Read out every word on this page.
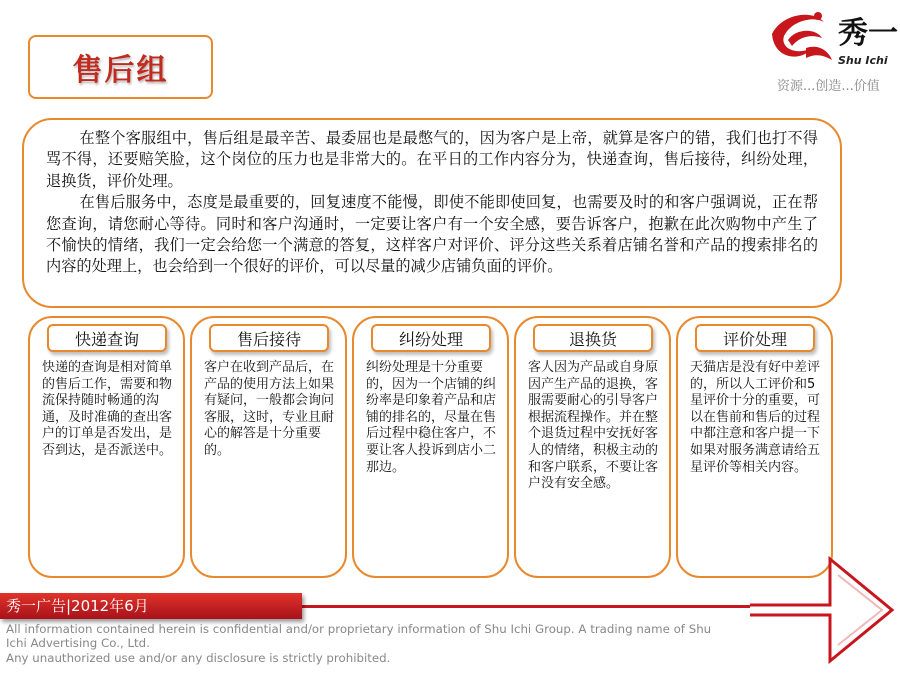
售后组
秀一
Shu Ichi
资源...创造...价值

在整个客服组中，售后组是最辛苦、最委屈也是最憋气的，因为客户是上帝，就算是客户的错，我们也打不得骂不得，还要赔笑脸，这个岗位的压力也是非常大的。在平日的工作内容分为，快递查询，售后接待，纠纷处理，退换货，评价处理。

在售后服务中，态度是最重要的，回复速度不能慢，即使不能即使回复，也需要及时的和客户强调说，正在帮您查询，请您耐心等待。同时和客户沟通时，一定要让客户有一个安全感，要告诉客户，抱歉在此次购物中产生了不愉快的情绪，我们一定会给您一个满意的答复，这样客户对评价、评分这些关系着店铺名誉和产品的搜索排名的内容的处理上，也会给到一个很好的评价，可以尽量的减少店铺负面的评价。

快递查询
快递的查询是相对简单的售后工作，需要和物流保持随时畅通的沟通，及时准确的查出客户的订单是否发出，是否到达，是否派送中。
售后接待
客户在收到产品后，在产品的使用方法上如果有疑问，一般都会询问客服，这时，专业且耐心的解答是十分重要的。
纠纷处理
纠纷处理是十分重要的，因为一个店铺的纠纷率是印象着产品和店铺的排名的，尽量在售后过程中稳住客户，不要让客人投诉到店小二那边。
退换货
客人因为产品或自身原因产生产品的退换，客服需要耐心的引导客户根据流程操作。并在整个退货过程中安抚好客人的情绪，积极主动的和客户联系，不要让客户没有安全感。
评价处理
天猫店是没有好中差评的，所以人工评价和5星评价十分的重要，可以在售前和售后的过程中都注意和客户提一下如果对服务满意请给五星评价等相关内容。
秀一广告|2012年6月
All information contained herein is confidential and/or proprietary information of Shu Ichi Group. A trading name of Shu
Ichi Advertising Co., Ltd.
Any unauthorized use and/or any disclosure is strictly prohibited.
